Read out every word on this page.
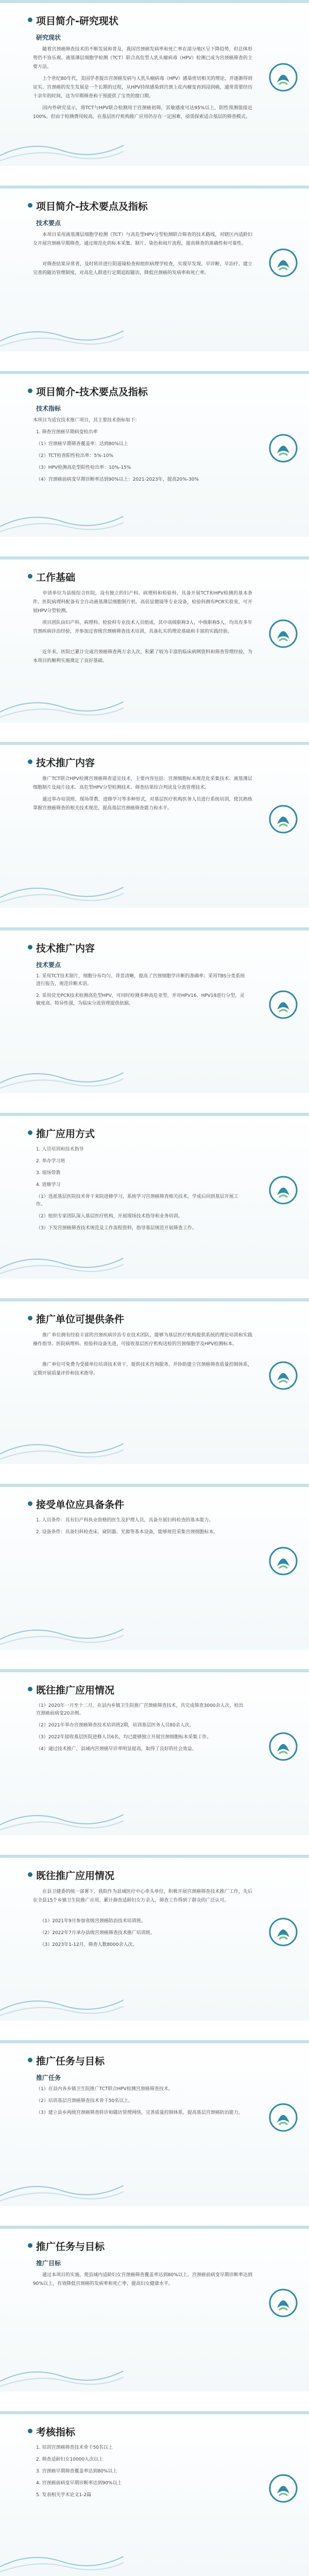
项目简介-研究现状
研究现状
　　随着宫颈癌筛查技术的不断发展和普及，我国宫颈癌发病率和死亡率在部分地区呈下降趋势，但总体形势仍不容乐观。液基薄层细胞学检测（TCT）联合高危型人乳头瘤病毒（HPV）检测已成为宫颈癌筛查的主要方法。
　　上个世纪80年代，美国学者提出宫颈癌发病与人乳头瘤病毒（HPV）感染密切相关的理论，并逐渐得到证实。宫颈癌的发生发展是一个长期的过程，从HPV持续感染到宫颈上皮内瘤变再到浸润癌，通常需要经历十余年的时间，这为早期筛查和干预提供了宝贵的窗口期。
　　国内外研究显示，将TCT与HPV联合检测用于宫颈癌初筛，其敏感度可达95%以上，阴性预测值接近100%。但由于检测费用较高，在基层医疗机构推广应用仍存在一定困难，亟需探索适合基层的筛查模式。
项目简介-技术要点及指标
技术要点
　　本项目采用液基薄层细胞学检测（TCT）与高危型HPV分型检测联合筛查的技术路线，对辖区内适龄妇女开展宫颈癌早期筛查。通过规范化的标本采集、制片、染色和阅片流程，提高筛查的准确性和可靠性。
　　对筛查结果异常者，及时转诊进行阴道镜检查和组织病理学检查，实现早发现、早诊断、早治疗。建立完善的随访管理制度，对高危人群进行定期追踪随访，降低宫颈癌的发病率和死亡率。
项目简介-技术要点及指标
技术指标
本项目为适宜技术推广项目，其主要技术指标如下：
1. 筛查宫颈癌早期病变检出率
（1）宫颈癌早期筛查覆盖率：达到80%以上
（2）TCT检查阳性检出率：5%-10%
（3）HPV检测高危型阳性检出率：10%-15%
（4）宫颈癌前病变早期诊断率达到90%以上：2021-2023年，提高20%-30%
工作基础
　　申请单位为县级综合医院，设有独立的妇产科、病理科和检验科，具备开展TCT和HPV检测的基本条件。医院病理科配备有全自动液基薄层细胞制片机、高倍显微镜等专业设备，检验科拥有PCR实验室，可开展HPV分型检测。
　　项目团队由妇产科、病理科、检验科专业技术人员组成，其中高级职称3人，中级职称5人，均具有多年宫颈疾病诊治经验，并参加过省级宫颈癌筛查技术培训，具备扎实的理论基础和丰富的实践经验。
　　近年来，医院已累计完成宫颈癌筛查两万余人次，积累了较为丰富的临床病例资料和筛查管理经验，为本项目的顺利实施奠定了良好基础。
技术推广内容
　　推广TCT联合HPV检测宫颈癌筛查适宜技术，主要内容包括：宫颈细胞标本规范化采集技术、液基薄层细胞制片及阅片技术、高危型HPV分型检测技术、筛查结果综合判读及分流管理技术。
　　通过举办培训班、现场带教、进修学习等多种形式，对基层医疗机构医务人员进行系统培训，使其熟练掌握宫颈癌筛查的相关技术规范，提高基层宫颈癌筛查能力和水平。
技术推广内容
技术要点
1. 采用TCT技术制片，细胞分布均匀、背景清晰，提高了宫颈细胞学诊断的准确率；采用TBS分类系统进行报告，规范诊断术语。
2. 采用荧光PCR技术检测高危型HPV，可同时检测多种高危亚型，并对HPV16、HPV18进行分型，灵敏度高、特异性强，为临床分流管理提供依据。
推广应用方式
1. 人员培训和技术指导
2. 举办学习班
3. 现场带教
4. 进修学习
（1）选派基层医院技术骨干来院进修学习，系统学习宫颈癌筛查相关技术，学成后回到基层开展工作。
（2）组织专家团队深入基层医疗机构，开展现场技术指导和业务培训。
（3）下发宫颈癌筛查技术规范及工作流程资料，指导基层规范开展筛查工作。
推广单位可提供条件
　　推广单位拥有经验丰富的宫颈疾病诊治专业技术团队，能够为基层医疗机构提供系统的理论培训和实践操作指导。医院病理科、检验科设备先进，可接收基层医疗机构送检的宫颈细胞学及HPV检测标本。
　　推广单位可免费为受援单位培训技术骨干，提供技术咨询服务，并协助建立宫颈癌筛查质量控制体系，定期开展质量评价和技术指导。
接受单位应具备条件
1. 人员条件：具有妇产科执业资格的医生及护理人员，具备开展妇科检查的基本能力。
2. 设备条件：具备妇科检查床、窥阴器、光源等基本设备，能够规范采集宫颈细胞标本。
既往推广应用情况
（1）2020年一月至十二月，在县内乡镇卫生院推广宫颈癌筛查技术，共完成筛查3000余人次，检出宫颈癌前病变20余例。
（2）2021年举办宫颈癌筛查技术培训班2期，培训基层医务人员80余人次。
（3）2022年接收基层医院进修人员6名，均已能够独立开展宫颈细胞标本采集工作。
（4）通过技术推广，县域内宫颈癌早诊率明显提高，取得了良好的社会效益。
既往推广应用情况
　　在县卫健委的统一部署下，我院作为县域医疗中心牵头单位，积极开展宫颈癌筛查技术推广工作，先后在全县15个乡镇卫生院推广应用，累计筛查适龄妇女万余人，筛查工作得到了群众的广泛认可。
　　（1）2021年9月参加省级宫颈癌防治技术培训班。
　　（2）2022年7月承办县级宫颈癌筛查技术推广培训班。
　　（3）2023年1-12月，筛查人数8000余人次。
推广任务与目标
推广任务
（1）在县内各乡镇卫生院推广TCT联合HPV检测宫颈癌筛查技术。
（2）培训基层宫颈癌筛查技术骨干50名以上。
（3）建立县乡两级宫颈癌筛查转诊和随访管理网络，完善质量控制体系，提高基层宫颈癌防治能力。
推广任务与目标
推广目标
　　通过本项目的实施，使县域内适龄妇女宫颈癌筛查覆盖率达到80%以上，宫颈癌前病变早期诊断率达到90%以上，有效降低宫颈癌的发病率和死亡率，提高妇女健康水平。
考核指标
1. 培训宫颈癌筛查技术骨干50名以上
2. 筛查适龄妇女10000人次以上
3. 宫颈癌早期筛查覆盖率达到80%以上
4. 宫颈癌前病变早期诊断率达到90%以上
5. 发表相关学术论文1-2篇
